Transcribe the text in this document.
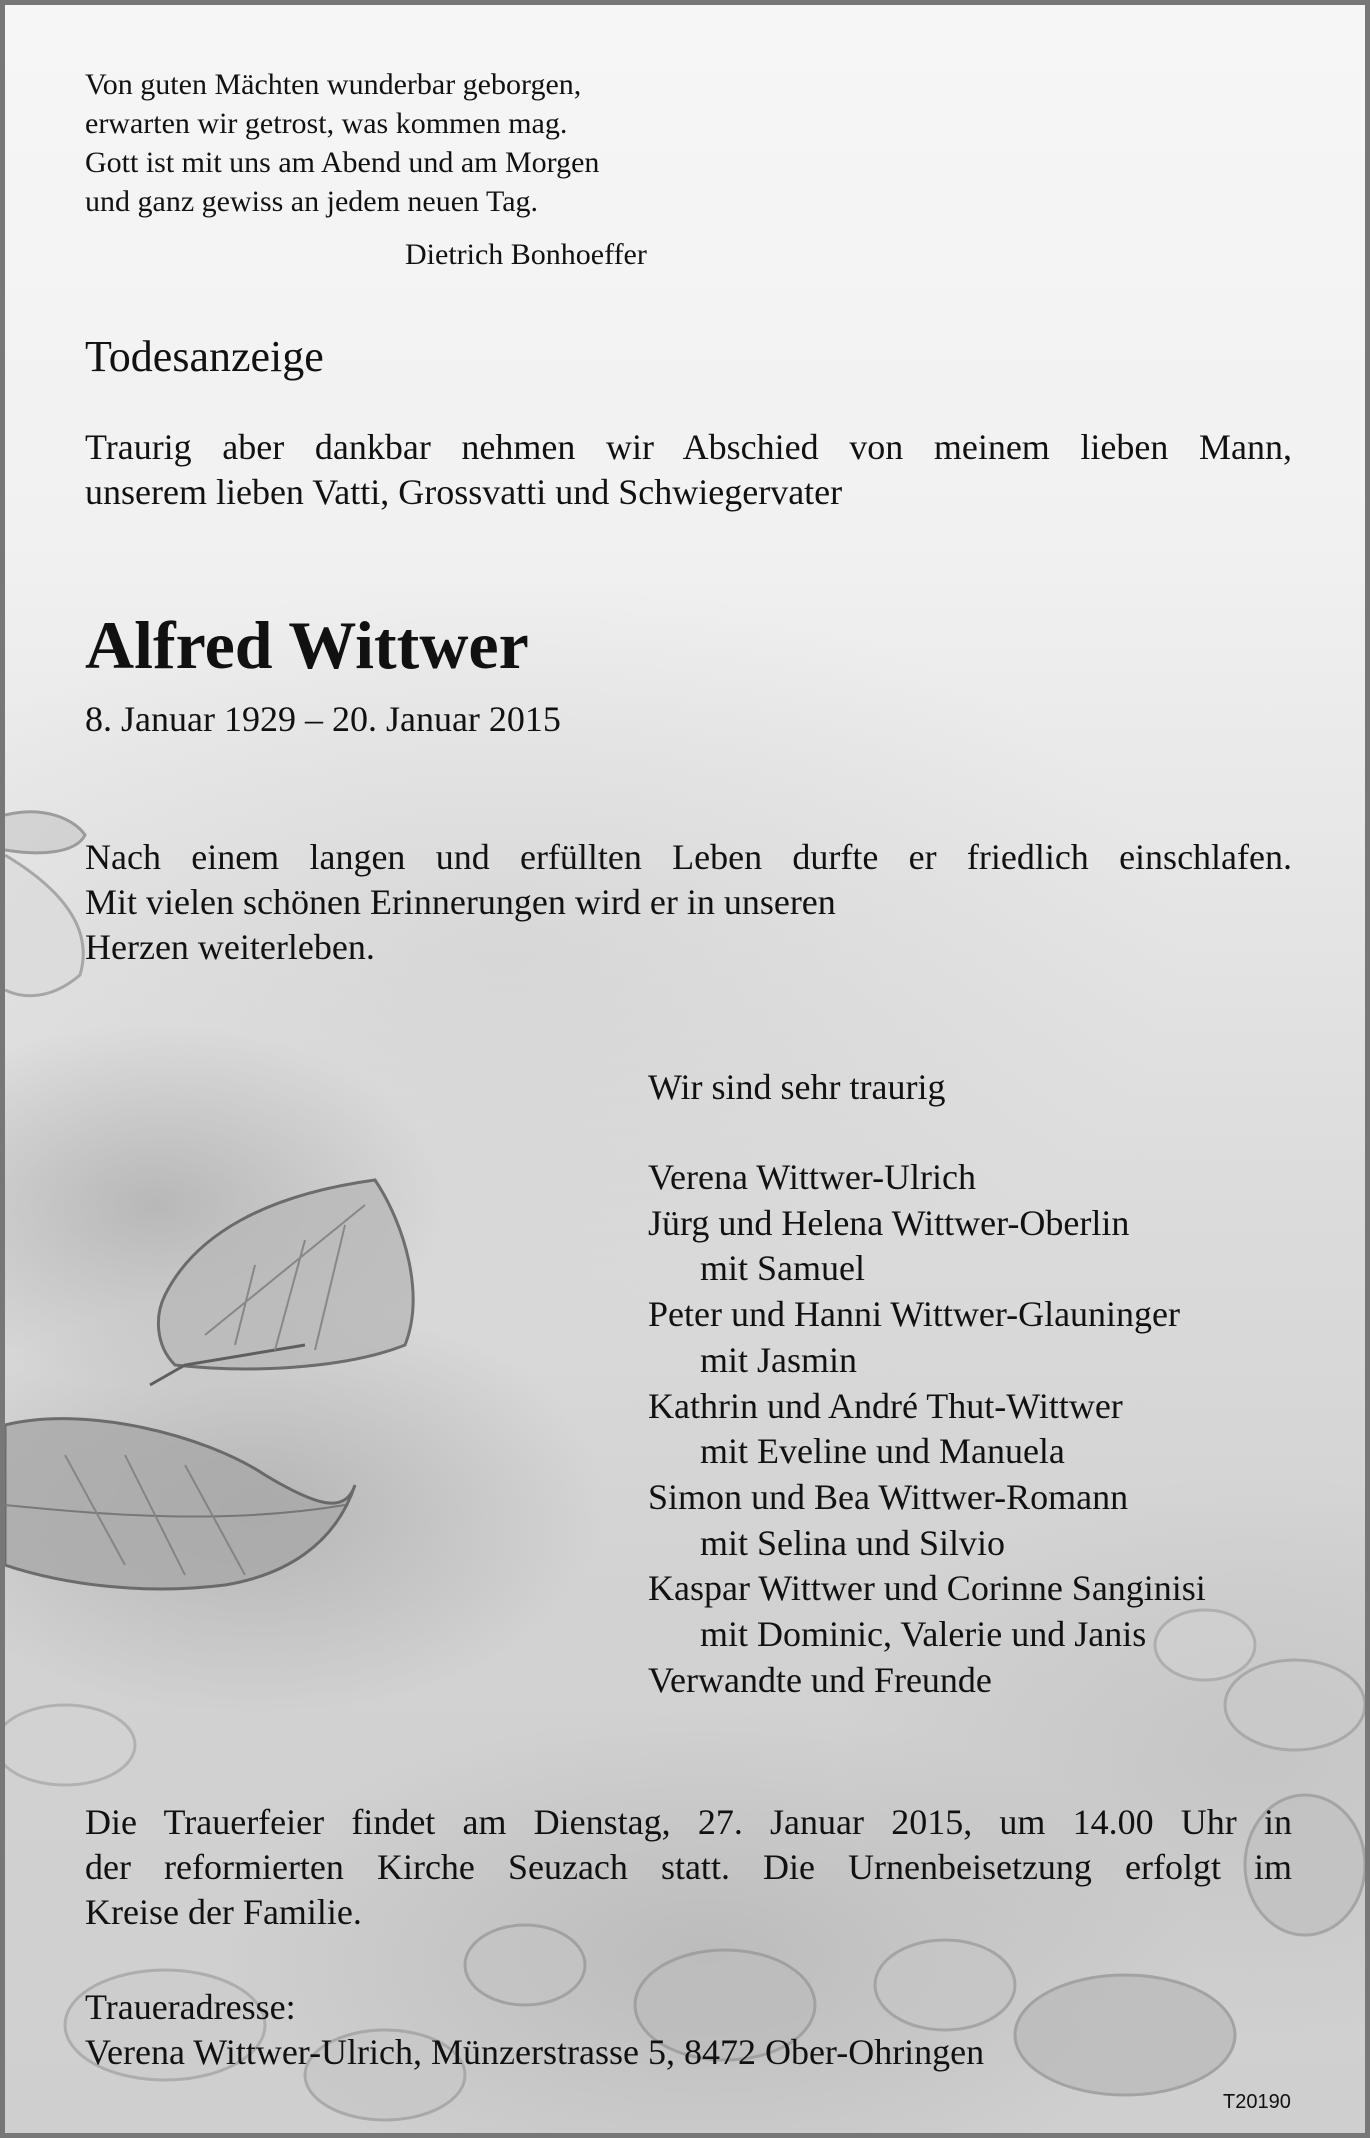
Von guten Mächten wunderbar geborgen,
erwarten wir getrost, was kommen mag.
Gott ist mit uns am Abend und am Morgen
und ganz gewiss an jedem neuen Tag.
Dietrich Bonhoeffer
Todesanzeige
Traurig aber dankbar nehmen wir Abschied von meinem lieben Mann,
unserem lieben Vatti, Grossvatti und Schwiegervater
Alfred Wittwer
8. Januar 1929 – 20. Januar 2015
Nach einem langen und erfüllten Leben durfte er friedlich einschlafen.
Mit vielen schönen Erinnerungen wird er in unseren
Herzen weiterleben.
Wir sind sehr traurig
Verena Wittwer-Ulrich
Jürg und Helena Wittwer-Oberlin
mit Samuel
Peter und Hanni Wittwer-Glauninger
mit Jasmin
Kathrin und André Thut-Wittwer
mit Eveline und Manuela
Simon und Bea Wittwer-Romann
mit Selina und Silvio
Kaspar Wittwer und Corinne Sanginisi
mit Dominic, Valerie und Janis
Verwandte und Freunde
Die Trauerfeier findet am Dienstag, 27. Januar 2015, um 14.00 Uhr in
der reformierten Kirche Seuzach statt. Die Urnenbeisetzung erfolgt im
Kreise der Familie.
Traueradresse:
Verena Wittwer-Ulrich, Münzerstrasse 5, 8472 Ober-Ohringen
T20190
